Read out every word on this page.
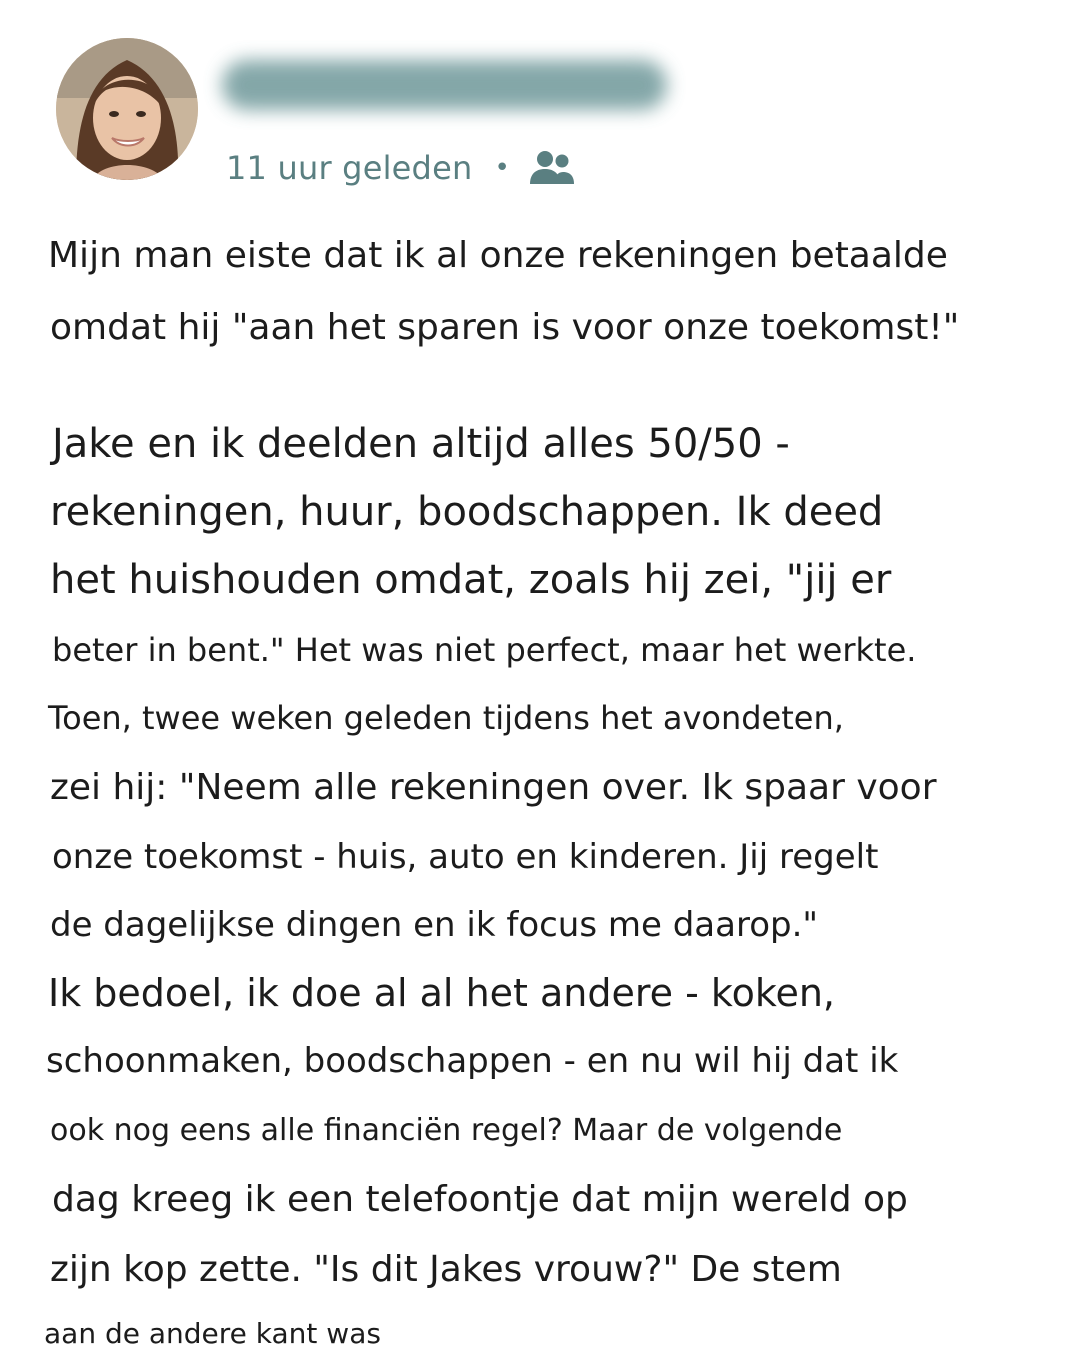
11 uur geleden •
Mijn man eiste dat ik al onze rekeningen betaalde
omdat hij "aan het sparen is voor onze toekomst!"
Jake en ik deelden altijd alles 50/50 -
rekeningen, huur, boodschappen. Ik deed
het huishouden omdat, zoals hij zei, "jij er
beter in bent." Het was niet perfect, maar het werkte.
Toen, twee weken geleden tijdens het avondeten,
zei hij: "Neem alle rekeningen over. Ik spaar voor
onze toekomst - huis, auto en kinderen. Jij regelt
de dagelijkse dingen en ik focus me daarop."
Ik bedoel, ik doe al al het andere - koken,
schoonmaken, boodschappen - en nu wil hij dat ik
ook nog eens alle financiën regel? Maar de volgende
dag kreeg ik een telefoontje dat mijn wereld op
zijn kop zette. "Is dit Jakes vrouw?" De stem
aan de andere kant was
